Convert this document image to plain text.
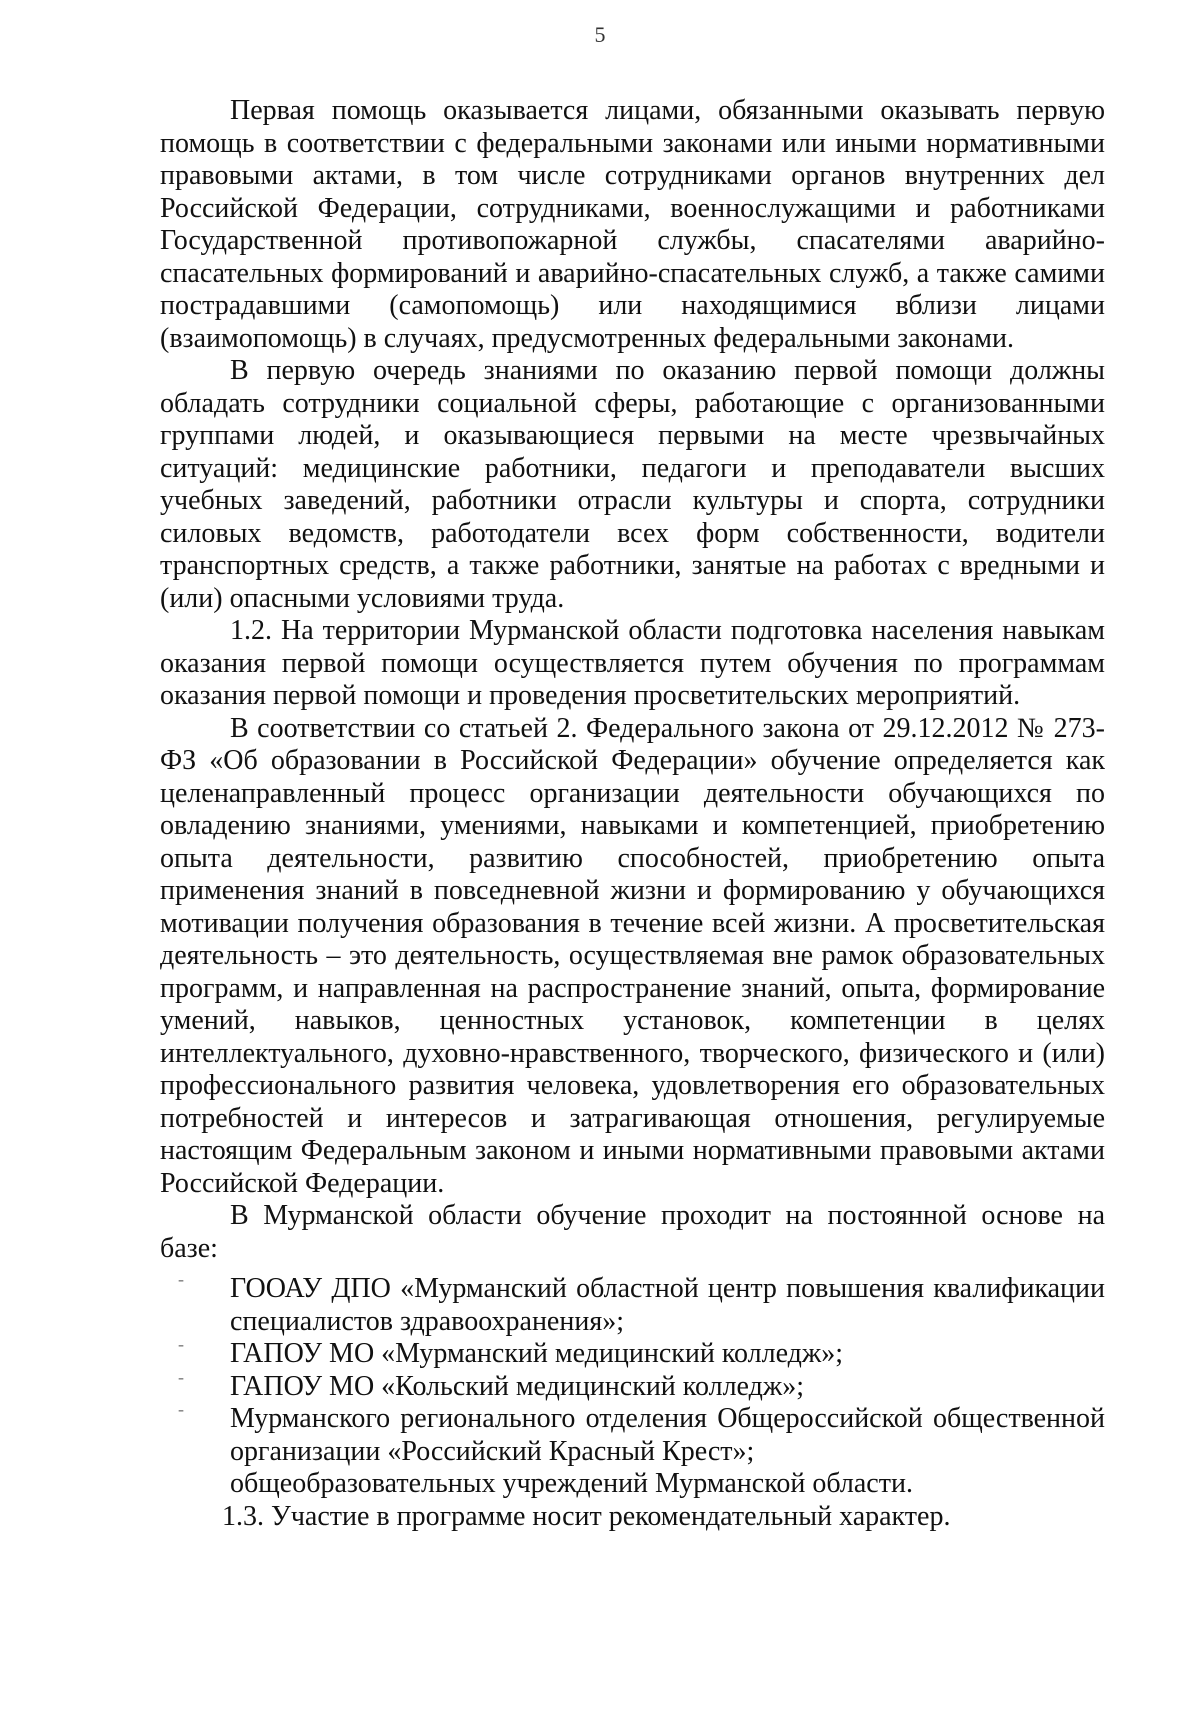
5

Первая помощь оказывается лицами, обязанными оказывать первую помощь в соответствии с федеральными законами или иными нормативными правовыми актами, в том числе сотрудниками органов внутренних дел Российской Федерации, сотрудниками, военнослужащими и работниками Государственной противопожарной службы, спасателями аварийно-спасательных формирований и аварийно-спасательных служб, а также самими пострадавшими (самопомощь) или находящимися вблизи лицами (взаимопомощь) в случаях, предусмотренных федеральными законами.

В первую очередь знаниями по оказанию первой помощи должны обладать сотрудники социальной сферы, работающие с организованными группами людей, и оказывающиеся первыми на месте чрезвычайных ситуаций: медицинские работники, педагоги и преподаватели высших учебных заведений, работники отрасли культуры и спорта, сотрудники силовых ведомств, работодатели всех форм собственности, водители транспортных средств, а также работники, занятые на работах с вредными и (или) опасными условиями труда.

1.2. На территории Мурманской области подготовка населения навыкам оказания первой помощи осуществляется путем обучения по программам оказания первой помощи и проведения просветительских мероприятий.

В соответствии со статьей 2. Федерального закона от 29.12.2012 № 273-ФЗ «Об образовании в Российской Федерации» обучение определяется как целенаправленный процесс организации деятельности обучающихся по овладению знаниями, умениями, навыками и компетенцией, приобретению опыта деятельности, развитию способностей, приобретению опыта применения знаний в повседневной жизни и формированию у обучающихся мотивации получения образования в течение всей жизни. А просветительская деятельность – это деятельность, осуществляемая вне рамок образовательных программ, и направленная на распространение знаний, опыта, формирование умений, навыков, ценностных установок, компетенции в целях интеллектуального, духовно-нравственного, творческого, физического и (или) профессионального развития человека, удовлетворения его образовательных потребностей и интересов и затрагивающая отношения, регулируемые настоящим Федеральным законом и иными нормативными правовыми актами Российской Федерации.

В Мурманской области обучение проходит на постоянной основе на базе:

- ГООАУ ДПО «Мурманский областной центр повышения квалификации специалистов здравоохранения»;
- ГАПОУ МО «Мурманский медицинский колледж»;
- ГАПОУ МО «Кольский медицинский колледж»;
- Мурманского регионального отделения Общероссийской общественной организации «Российский Красный Крест»;
общеобразовательных учреждений Мурманской области.

1.3. Участие в программе носит рекомендательный характер.
